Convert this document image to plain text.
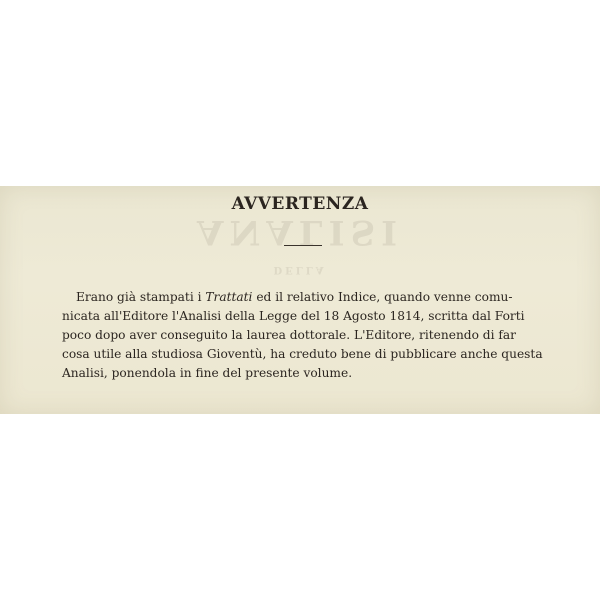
ANALISI
DELLA
AVVERTENZA
Erano già stampati i Trattati ed il relativo Indice, quando venne comu-
nicata all'Editore l'Analisi della Legge del 18 Agosto 1814, scritta dal Forti
poco dopo aver conseguito la laurea dottorale. L'Editore, ritenendo di far
cosa utile alla studiosa Gioventù, ha creduto bene di pubblicare anche questa
Analisi, ponendola in fine del presente volume.
